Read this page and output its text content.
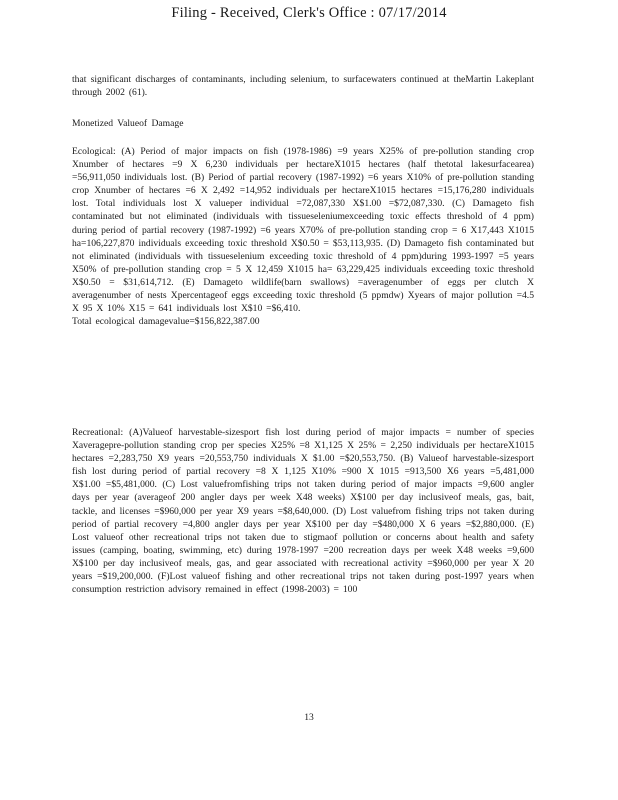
Filing - Received, Clerk's Office : 07/17/2014
that significant discharges of contaminants, including selenium, to surfacewaters continued at theMartin Lakeplant through 2002 (61).
Monetized Valueof Damage
Ecological: (A) Period of major impacts on fish (1978-1986) =9 years X25% of pre-pollution standing crop Xnumber of hectares =9 X 6,230 individuals per hectareX1015 hectares (half thetotal lakesurfacearea) =56,911,050 individuals lost. (B) Period of partial recovery (1987-1992) =6 years X10% of pre-pollution standing crop Xnumber of hectares =6 X 2,492 =14,952 individuals per hectareX1015 hectares =15,176,280 individuals lost. Total individuals lost X valueper individual =72,087,330 X$1.00 =$72,087,330. (C) Damageto fish contaminated but not eliminated (individuals with tissueseleniumexceeding toxic effects threshold of 4 ppm) during period of partial recovery (1987-1992) =6 years X70% of pre-pollution standing crop = 6 X17,443 X1015 ha=106,227,870 individuals exceeding toxic threshold X$0.50 = $53,113,935. (D) Damageto fish contaminated but not eliminated (individuals with tissueselenium exceeding toxic threshold of 4 ppm)during 1993-1997 =5 years X50% of pre-pollution standing crop = 5 X 12,459 X1015 ha= 63,229,425 individuals exceeding toxic threshold X$0.50 = $31,614,712. (E) Damageto wildlife(barn swallows) =averagenumber of eggs per clutch X averagenumber of nests Xpercentageof eggs exceeding toxic threshold (5 ppmdw) Xyears of major pollution =4.5 X 95 X 10% X15 = 641 individuals lost X$10 =$6,410.
Total ecological damagevalue=$156,822,387.00
Recreational: (A)Valueof harvestable-sizesport fish lost during period of major impacts = number of species Xaveragepre-pollution standing crop per species X25% =8 X1,125 X 25% = 2,250 individuals per hectareX1015 hectares =2,283,750 X9 years =20,553,750 individuals X $1.00 =$20,553,750. (B) Valueof harvestable-sizesport fish lost during period of partial recovery =8 X 1,125 X10% =900 X 1015 =913,500 X6 years =5,481,000 X$1.00 =$5,481,000. (C) Lost valuefromfishing trips not taken during period of major impacts =9,600 angler days per year (averageof 200 angler days per week X48 weeks) X$100 per day inclusiveof meals, gas, bait, tackle, and licenses =$960,000 per year X9 years =$8,640,000. (D) Lost valuefrom fishing trips not taken during period of partial recovery =4,800 angler days per year X$100 per day =$480,000 X 6 years =$2,880,000. (E) Lost valueof other recreational trips not taken due to stigmaof pollution or concerns about health and safety issues (camping, boating, swimming, etc) during 1978-1997 =200 recreation days per week X48 weeks =9,600 X$100 per day inclusiveof meals, gas, and gear associated with recreational activity =$960,000 per year X 20 years =$19,200,000. (F)Lost valueof fishing and other recreational trips not taken during post-1997 years when consumption restriction advisory remained in effect (1998-2003) = 100
13
